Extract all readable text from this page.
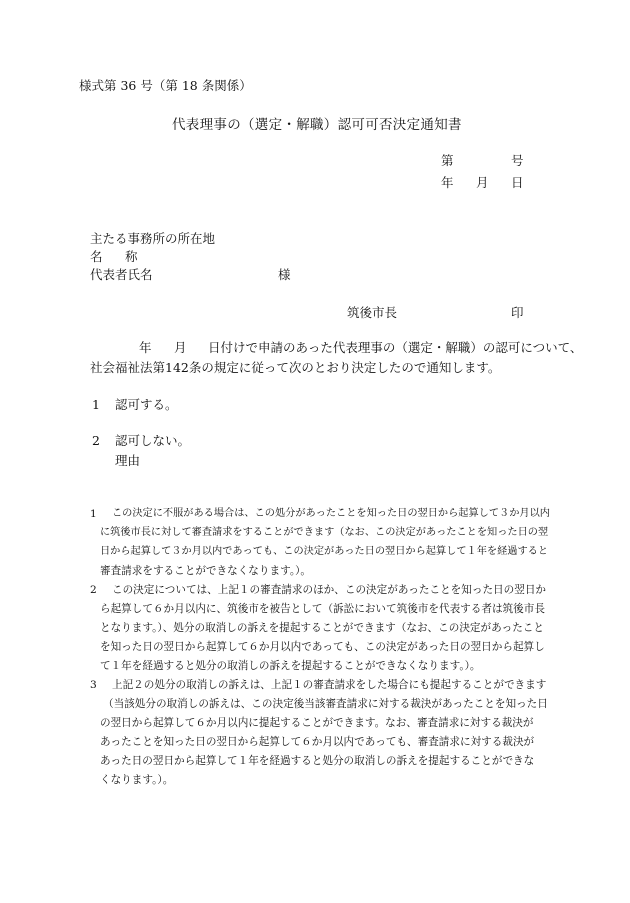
様式第 36 号（第 18 条関係）
代表理事の（選定・解職）認可可否決定通知書
第	号
年 月 日
主たる事務所の所在地
名 称
代表者氏名	様
筑後市長	印
年 月 日付けで申請のあった代表理事の（選定・解職）の認可について、
社会福祉法第142条の規定に従って次のとおり決定したので通知します。
1 認可する。
2 認可しない。
理由
1 この決定に不服がある場合は、この処分があったことを知った日の翌日から起算して３か月以内
に筑後市長に対して審査請求をすることができます（なお、この決定があったことを知った日の翌
日から起算して３か月以内であっても、この決定があった日の翌日から起算して１年を経過すると
審査請求をすることができなくなります。）。
2 この決定については、上記１の審査請求のほか、この決定があったことを知った日の翌日か
ら起算して６か月以内に、筑後市を被告として（訴訟において筑後市を代表する者は筑後市長
となります。）、処分の取消しの訴えを提起することができます（なお、この決定があったこと
を知った日の翌日から起算して６か月以内であっても、この決定があった日の翌日から起算し
て１年を経過すると処分の取消しの訴えを提起することができなくなります。）。
3 上記２の処分の取消しの訴えは、上記１の審査請求をした場合にも提起することができます
（当該処分の取消しの訴えは、この決定後当該審査請求に対する裁決があったことを知った日
の翌日から起算して６か月以内に提起することができます。なお、審査請求に対する裁決が
あったことを知った日の翌日から起算して６か月以内であっても、審査請求に対する裁決が
あった日の翌日から起算して１年を経過すると処分の取消しの訴えを提起することができな
くなります。）。
